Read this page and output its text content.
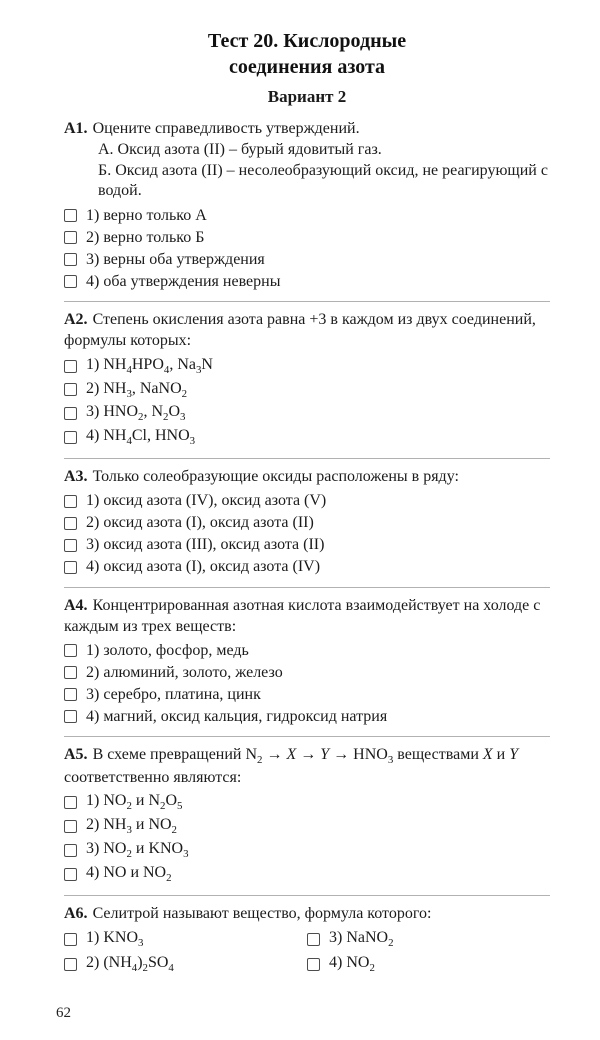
Тест 20. Кислородные
соединения азота
Вариант 2

А1. Оцените справедливость утверждений.

А. Оксид азота (II) – бурый ядовитый газ.

Б. Оксид азота (II) – несолеобразующий оксид, не реагирующий с водой.

1) верно только А
2) верно только Б
3) верны оба утверждения
4) оба утверждения неверны

А2. Степень окисления азота равна +3 в каждом из двух соединений, формулы которых:

1) $NH_4HPO_4$, $Na_3N$
2) $NH_3$, NaNO$_2$
3) $HNO_2$, $N_2O_3$
4) $NH_4Cl$, $HNO_3$

А3. Только солеобразующие оксиды расположены в ряду:

1) оксид азота (IV), оксид азота (V)
2) оксид азота (I), оксид азота (II)
3) оксид азота (III), оксид азота (II)
4) оксид азота (I), оксид азота (IV)

А4. Концентрированная азотная кислота взаимодействует на холоде с каждым из трех веществ:

1) золото, фосфор, медь
2) алюминий, золото, железо
3) серебро, платина, цинк
4) магний, оксид кальция, гидроксид натрия

А5. В схеме превращений $N_2 \to X \to Y \to HNO_3$ веществами X и Y соответственно являются:

1) $NO_2$ и $N_2O_5$
2) $NH_3$ и $NO_2$
3) $NO_2$ и $KNO_3$
4) NO и $NO_2$

А6. Селитрой называют вещество, формула которого:

1) $KNO_3$	3) NaNO$_2$
2) $(NH_4)_2SO_4$	4) $NO_2$
62
